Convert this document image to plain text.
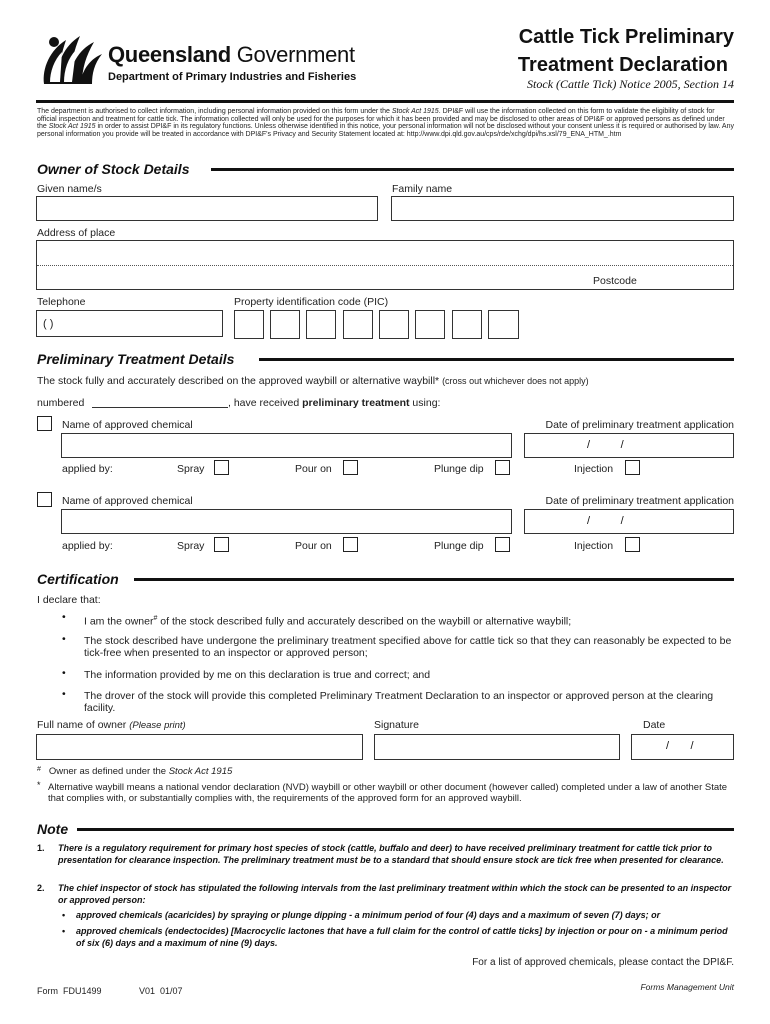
Queensland Government
Department of Primary Industries and Fisheries
Cattle Tick Preliminary
Treatment Declaration
Stock (Cattle Tick) Notice 2005, Section 14
The department is authorised to collect information, including personal information provided on this form under the Stock Act 1915. DPI&F will use the information collected on this form to validate the eligibility of stock for official inspection and treatment for cattle tick. The information collected will only be used for the purposes for which it has been provided and may be disclosed to other areas of DPI&F or approved persons as defined under the Stock Act 1915 in order to assist DPI&F in its regulatory functions. Unless otherwise identified in this notice, your personal information will not be disclosed without your consent unless it is required or authorised by law. Any personal information you provide will be treated in accordance with DPI&F's Privacy and Security Statement located at: http://www.dpi.qld.gov.au/cps/rde/xchg/dpi/hs.xsl/79_ENA_HTM_.htm
Owner of Stock Details
Given name/s	Family name
Address of place
Postcode
Telephone	Property identification code (PIC)
( )
Preliminary Treatment Details
The stock fully and accurately described on the approved waybill or alternative waybill* (cross out whichever does not apply)
numbered	, have received preliminary treatment using:
Name of approved chemical	Date of preliminary treatment application
/          /
applied by:	Spray	Pour on	Plunge dip	Injection
Name of approved chemical	Date of preliminary treatment application
/          /
applied by:	Spray	Pour on	Plunge dip	Injection
Certification
I declare that:
• I am the owner# of the stock described fully and accurately described on the waybill or alternative waybill;
• The stock described have undergone the preliminary treatment specified above for cattle tick so that they can reasonably be expected to be tick-free when presented to an inspector or approved person;
• The information provided by me on this declaration is true and correct; and
• The drover of the stock will provide this completed Preliminary Treatment Declaration to an inspector or approved person at the clearing facility.
Full name of owner (Please print)	Signature	Date
/       /
# Owner as defined under the Stock Act 1915
* Alternative waybill means a national vendor declaration (NVD) waybill or other waybill or other document (however called) completed under a law of another State that complies with, or substantially complies with, the requirements of the approved form for an approved waybill.
Note
1. There is a regulatory requirement for primary host species of stock (cattle, buffalo and deer) to have received preliminary treatment for cattle tick prior to presentation for clearance inspection. The preliminary treatment must be to a standard that should ensure stock are tick free when presented for clearance.
2. The chief inspector of stock has stipulated the following intervals from the last preliminary treatment within which the stock can be presented to an inspector or approved person:
• approved chemicals (acaricides) by spraying or plunge dipping - a minimum period of four (4) days and a maximum of seven (7) days; or
• approved chemicals (endectocides) [Macrocyclic lactones that have a full claim for the control of cattle ticks] by injection or pour on - a minimum period of six (6) days and a maximum of nine (9) days.
For a list of approved chemicals, please contact the DPI&F.
Form  FDU1499	V01  01/07	Forms Management Unit
